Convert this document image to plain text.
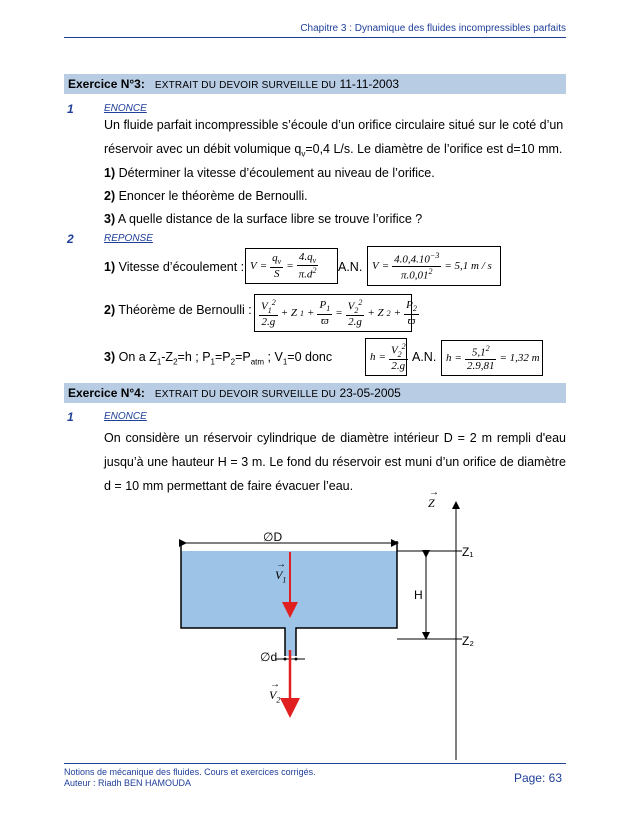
Chapitre 3 : Dynamique des fluides incompressibles parfaits
Exercice N°3: EXTRAIT DU DEVOIR SURVEILLE DU 11-11-2003
1	ENONCE
Un fluide parfait incompressible s’écoule d’un orifice circulaire situé sur le coté d’un
réservoir avec un débit volumique $q_v=0,4$ L/s. Le diamètre de l’orifice est d=10 mm.
1) Déterminer la vitesse d’écoulement au niveau de l’orifice.
2) Enoncer le théorème de Bernoulli.
3) A quelle distance de la surface libre se trouve l’orifice ?
2	REPONSE
1) Vitesse d’écoulement : $V = \frac{q_v}{S} = \frac{4.q_v}{\pi.d^2} A.N$. $V = \frac{4.0,4.10^{-3}}{\pi.0,01^2} = 5,1$ m / s
2) Théorème de Bernoulli : $\frac{V_1^2}{2.g} + Z$ $1 + \frac{P_1}{ϖ} = \frac{V_2^2}{2.g} + Z$ $2 + \frac{P_2}{ϖ}$
3) On a $Z_1-Z_2=h$ ; $P_1=P_2=P_{atm}$ ; $V_1=0$ donc	$h = \frac{V_2^2}{2.g} A.N$. $h = \frac{5,1^2}{2.9,81} = 1,32$ m
Exercice N°4: EXTRAIT DU DEVOIR SURVEILLE DU 23-05-2005
1	ENONCE
On considère un réservoir cylindrique de diamètre intérieur D = 2 m rempli d'eau jusqu’à une hauteur H = 3 m. Le fond du réservoir est muni d’un orifice de diamètre d = 10 mm permettant de faire évacuer l’eau.	→
Z
∅D
→
$V_1$
H
Z₁
Z₂
∅d
→
$V_2$
Notions de mécanique des fluides. Cours et exercices corrigés.
Auteur : Riadh BEN HAMOUDA	Page: 63
